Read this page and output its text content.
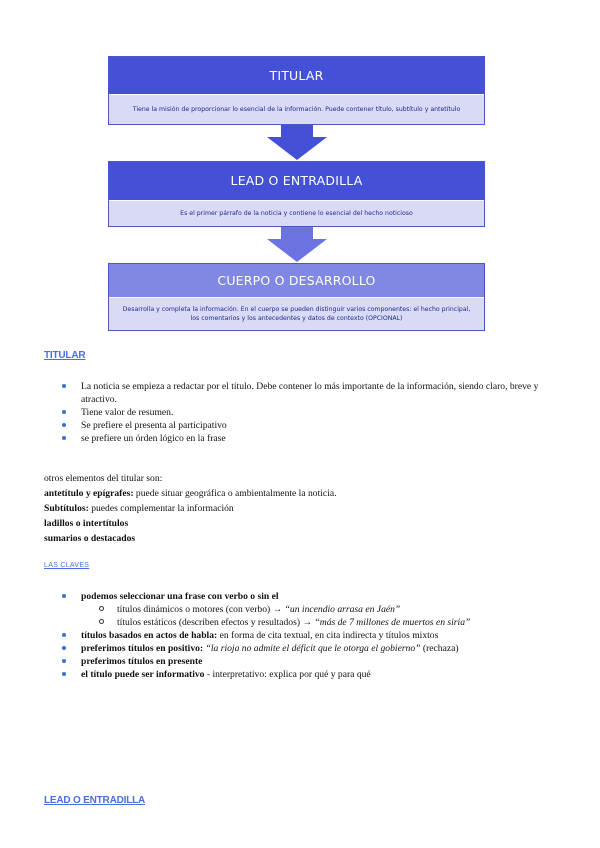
TITULAR
Tiene la misión de proporcionar lo esencial de la información. Puede contener título, subtítulo y antetítulo
LEAD O ENTRADILLA
Es el primer párrafo de la noticia y contiene lo esencial del hecho noticioso
CUERPO O DESARROLLO
Desarrolla y completa la información. En el cuerpo se pueden distinguir varios componentes: el hecho principal, los comentarios y los antecedentes y datos de contexto (OPCIONAL)
TITULAR
La noticia se empieza a redactar por el título. Debe contener lo más importante de la información, siendo claro, breve y atractivo.
Tiene valor de resumen.
Se prefiere el presenta al participativo
se prefiere un órden lógico en la frase
otros elementos del titular son:
antetítulo y epígrafes: puede situar geográfica o ambientalmente la noticia.
Subtítulos: puedes complementar la información
ladillos o intertítulos
sumarios o destacados
LAS CLAVES
podemos seleccionar una frase con verbo o sin el
títulos dinámicos o motores (con verbo) → “un incendio arrasa en Jaén”
títulos estáticos (describen efectos y resultados) → “más de 7 millones de muertos en siria”
títulos basados en actos de habla: en forma de cita textual, en cita indirecta y títulos mixtos
preferimos títulos en positivo: “la rioja no admite el déficit que le otorga el gobierno” (rechaza)
preferimos títulos en presente
el título puede ser informativo - interpretativo: explica por qué y para qué
LEAD O ENTRADILLA
